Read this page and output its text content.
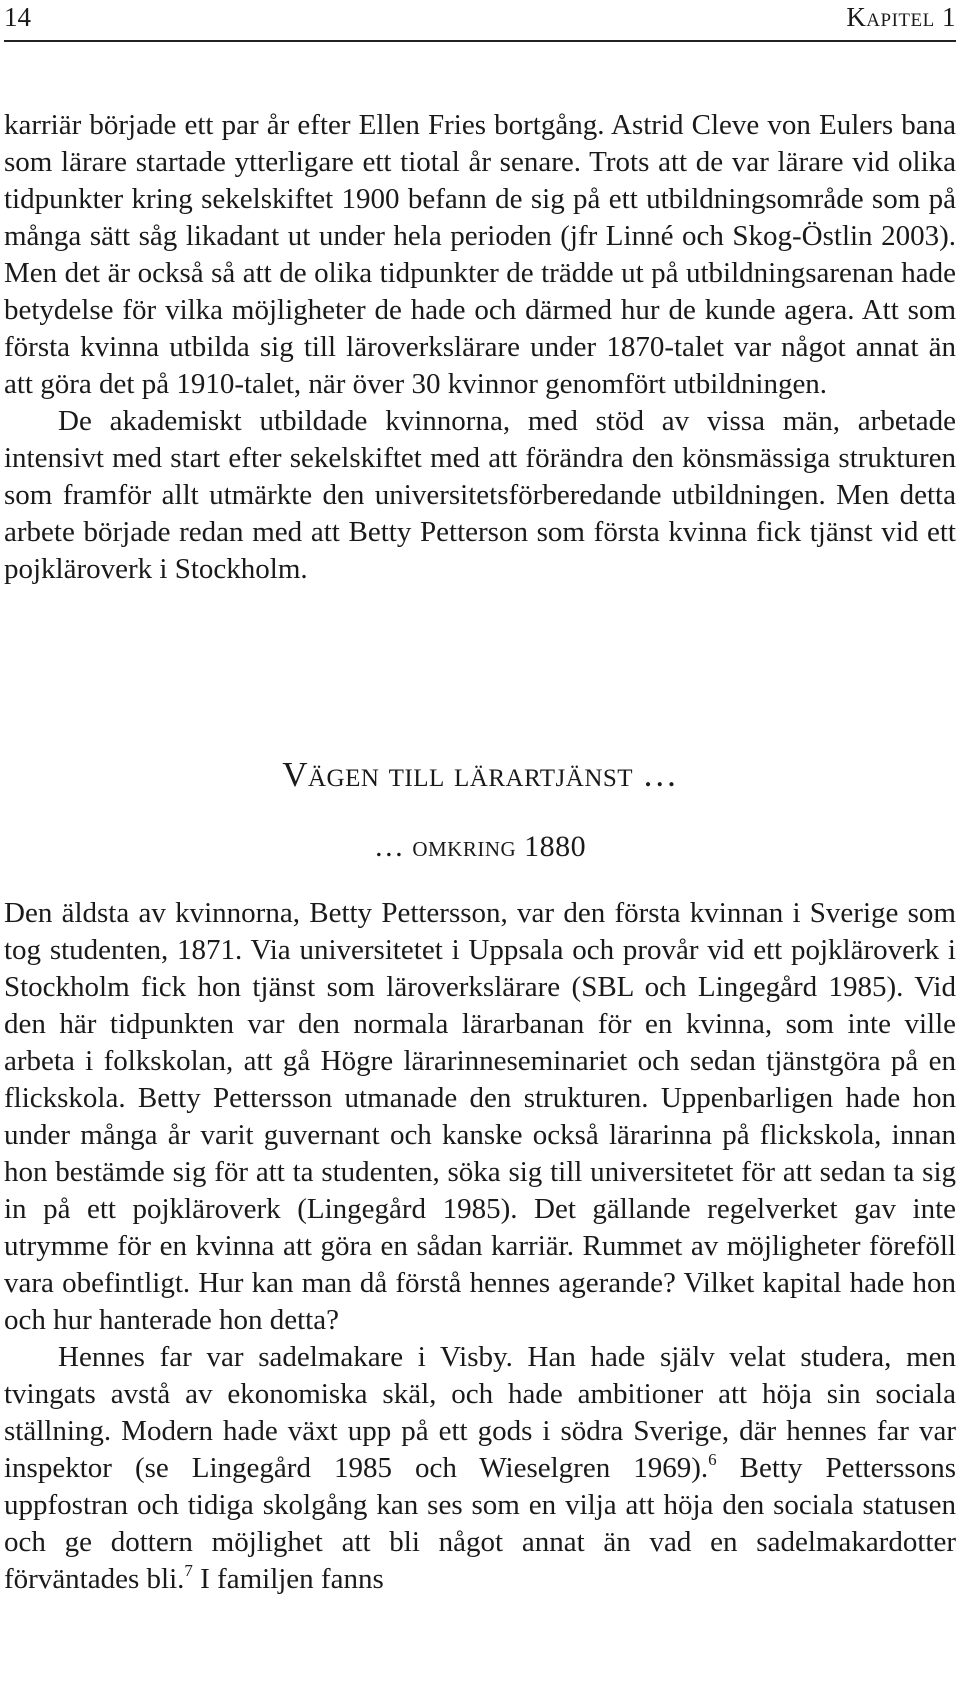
14	Kapitel 1

karriär började ett par år efter Ellen Fries bortgång. Astrid Cleve von Eulers bana som lärare startade ytterligare ett tiotal år senare. Trots att de var lärare vid olika tidpunkter kring sekelskiftet 1900 befann de sig på ett utbildningsområde som på många sätt såg likadant ut under hela perioden (jfr Linné och Skog-Östlin 2003). Men det är också så att de olika tidpunkter de trädde ut på utbildningsarenan hade betydelse för vilka möjligheter de hade och därmed hur de kunde agera. Att som första kvinna utbilda sig till läroverkslärare under 1870-talet var något annat än att göra det på 1910-talet, när över 30 kvinnor genomfört utbildningen.

De akademiskt utbildade kvinnorna, med stöd av vissa män, arbetade intensivt med start efter sekelskiftet med att förändra den könsmässiga strukturen som framför allt utmärkte den universitetsförberedande utbildningen. Men detta arbete började redan med att Betty Petterson som första kvinna fick tjänst vid ett pojkläroverk i Stockholm.

Vägen till lärartjänst …
… omkring 1880

Den äldsta av kvinnorna, Betty Pettersson, var den första kvinnan i Sverige som tog studenten, 1871. Via universitetet i Uppsala och provår vid ett pojkläroverk i Stockholm fick hon tjänst som läroverkslärare (SBL och Lingegård 1985). Vid den här tidpunkten var den normala lärarbanan för en kvinna, som inte ville arbeta i folkskolan, att gå Högre lärarinneseminariet och sedan tjänstgöra på en flickskola. Betty Pettersson utmanade den strukturen. Uppenbarligen hade hon under många år varit guvernant och kanske också lärarinna på flickskola, innan hon bestämde sig för att ta studenten, söka sig till universitetet för att sedan ta sig in på ett pojkläroverk (Lingegård 1985). Det gällande regelverket gav inte utrymme för en kvinna att göra en sådan karriär. Rummet av möjligheter föreföll vara obefintligt. Hur kan man då förstå hennes agerande? Vilket kapital hade hon och hur hanterade hon detta?

Hennes far var sadelmakare i Visby. Han hade själv velat studera, men tvingats avstå av ekonomiska skäl, och hade ambitioner att höja sin sociala ställning. Modern hade växt upp på ett gods i södra Sverige, där hennes far var inspektor (se Lingegård 1985 och Wieselgren 1969).$^6$ Betty Petterssons uppfostran och tidiga skolgång kan ses som en vilja att höja den sociala statusen och ge dottern möjlighet att bli något annat än vad en sadelmakardotter förväntades bli.$^7$ I familjen fanns
